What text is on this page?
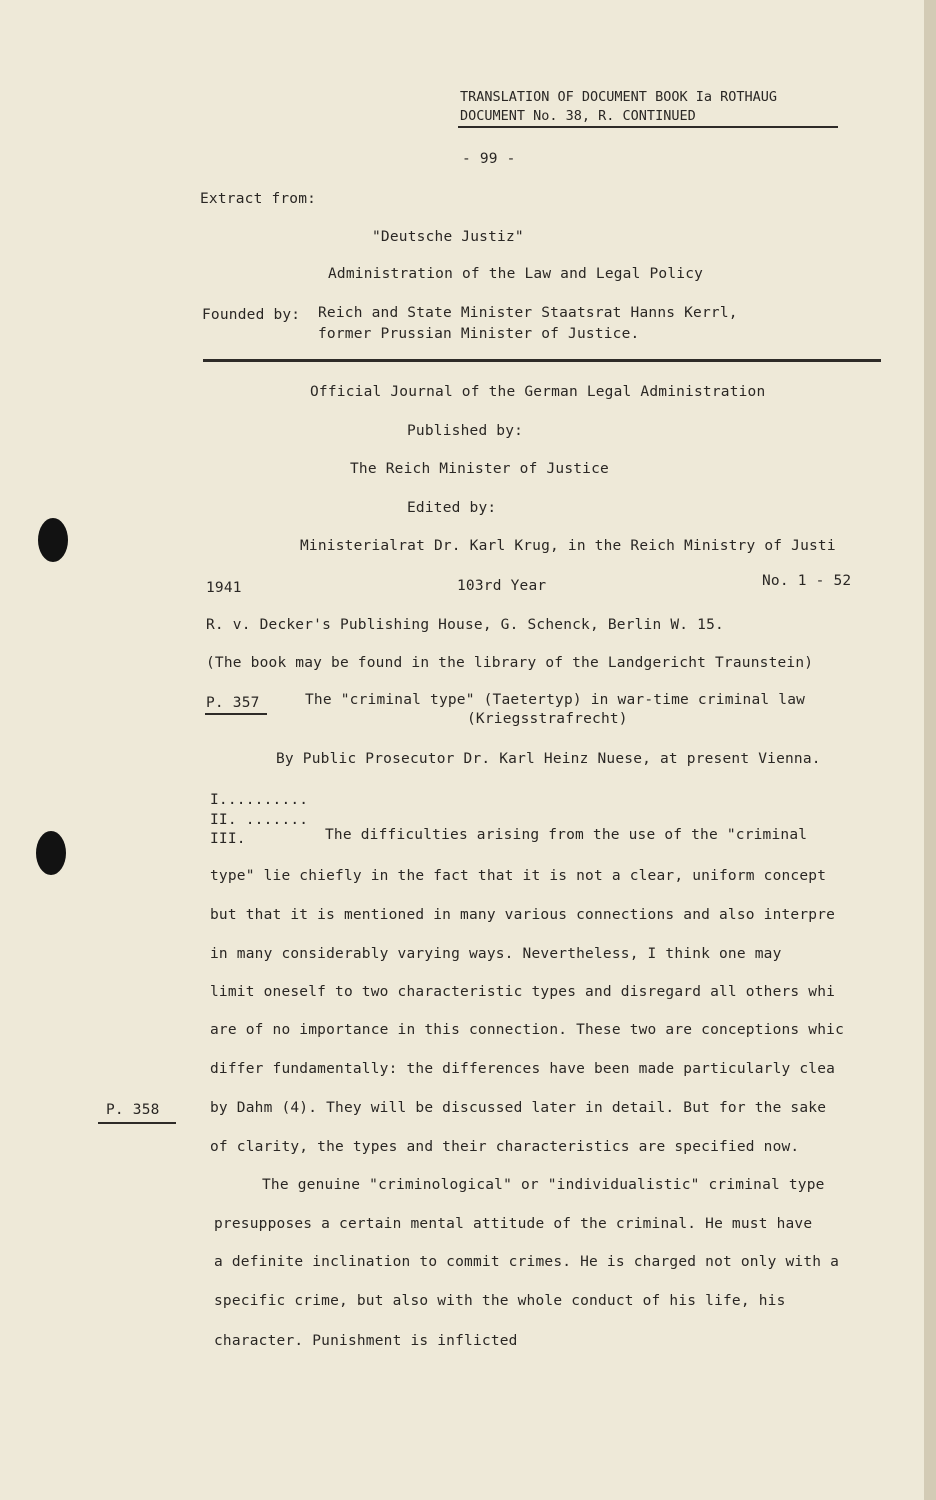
TRANSLATION OF DOCUMENT BOOK Ia ROTHAUG
DOCUMENT No. 38, R. CONTINUED
- 99 -
Extract from:
"Deutsche Justiz"
Administration of the Law and Legal Policy
Founded by: Reich and State Minister Staatsrat Hanns Kerrl,
former Prussian Minister of Justice.
Official Journal of the German Legal Administration
Published by:
The Reich Minister of Justice
Edited by:
Ministerialrat Dr. Karl Krug, in the Reich Ministry of Justi
1941	103rd Year	No. 1 - 52
R. v. Decker's Publishing House, G. Schenck, Berlin W. 15.
(The book may be found in the library of the Landgericht Traunstein)
P. 357	The "criminal type" (Taetertyp) in war-time criminal law
(Kriegsstrafrecht)
By Public Prosecutor Dr. Karl Heinz Nuese, at present Vienna.
I..........
II. .......
III.	The difficulties arising from the use of the "criminal
type" lie chiefly in the fact that it is not a clear, uniform concept
but that it is mentioned in many various connections and also interpre
in many considerably varying ways. Nevertheless, I think one may
limit oneself to two characteristic types and disregard all others whi
are of no importance in this connection. These two are conceptions whic
differ fundamentally: the differences have been made particularly clea
P. 358	by Dahm (4). They will be discussed later in detail. But for the sake
of clarity, the types and their characteristics are specified now.
The genuine "criminological" or "individualistic" criminal type
presupposes a certain mental attitude of the criminal. He must have
a definite inclination to commit crimes. He is charged not only with a
specific crime, but also with the whole conduct of his life, his
character. Punishment is inflicted
